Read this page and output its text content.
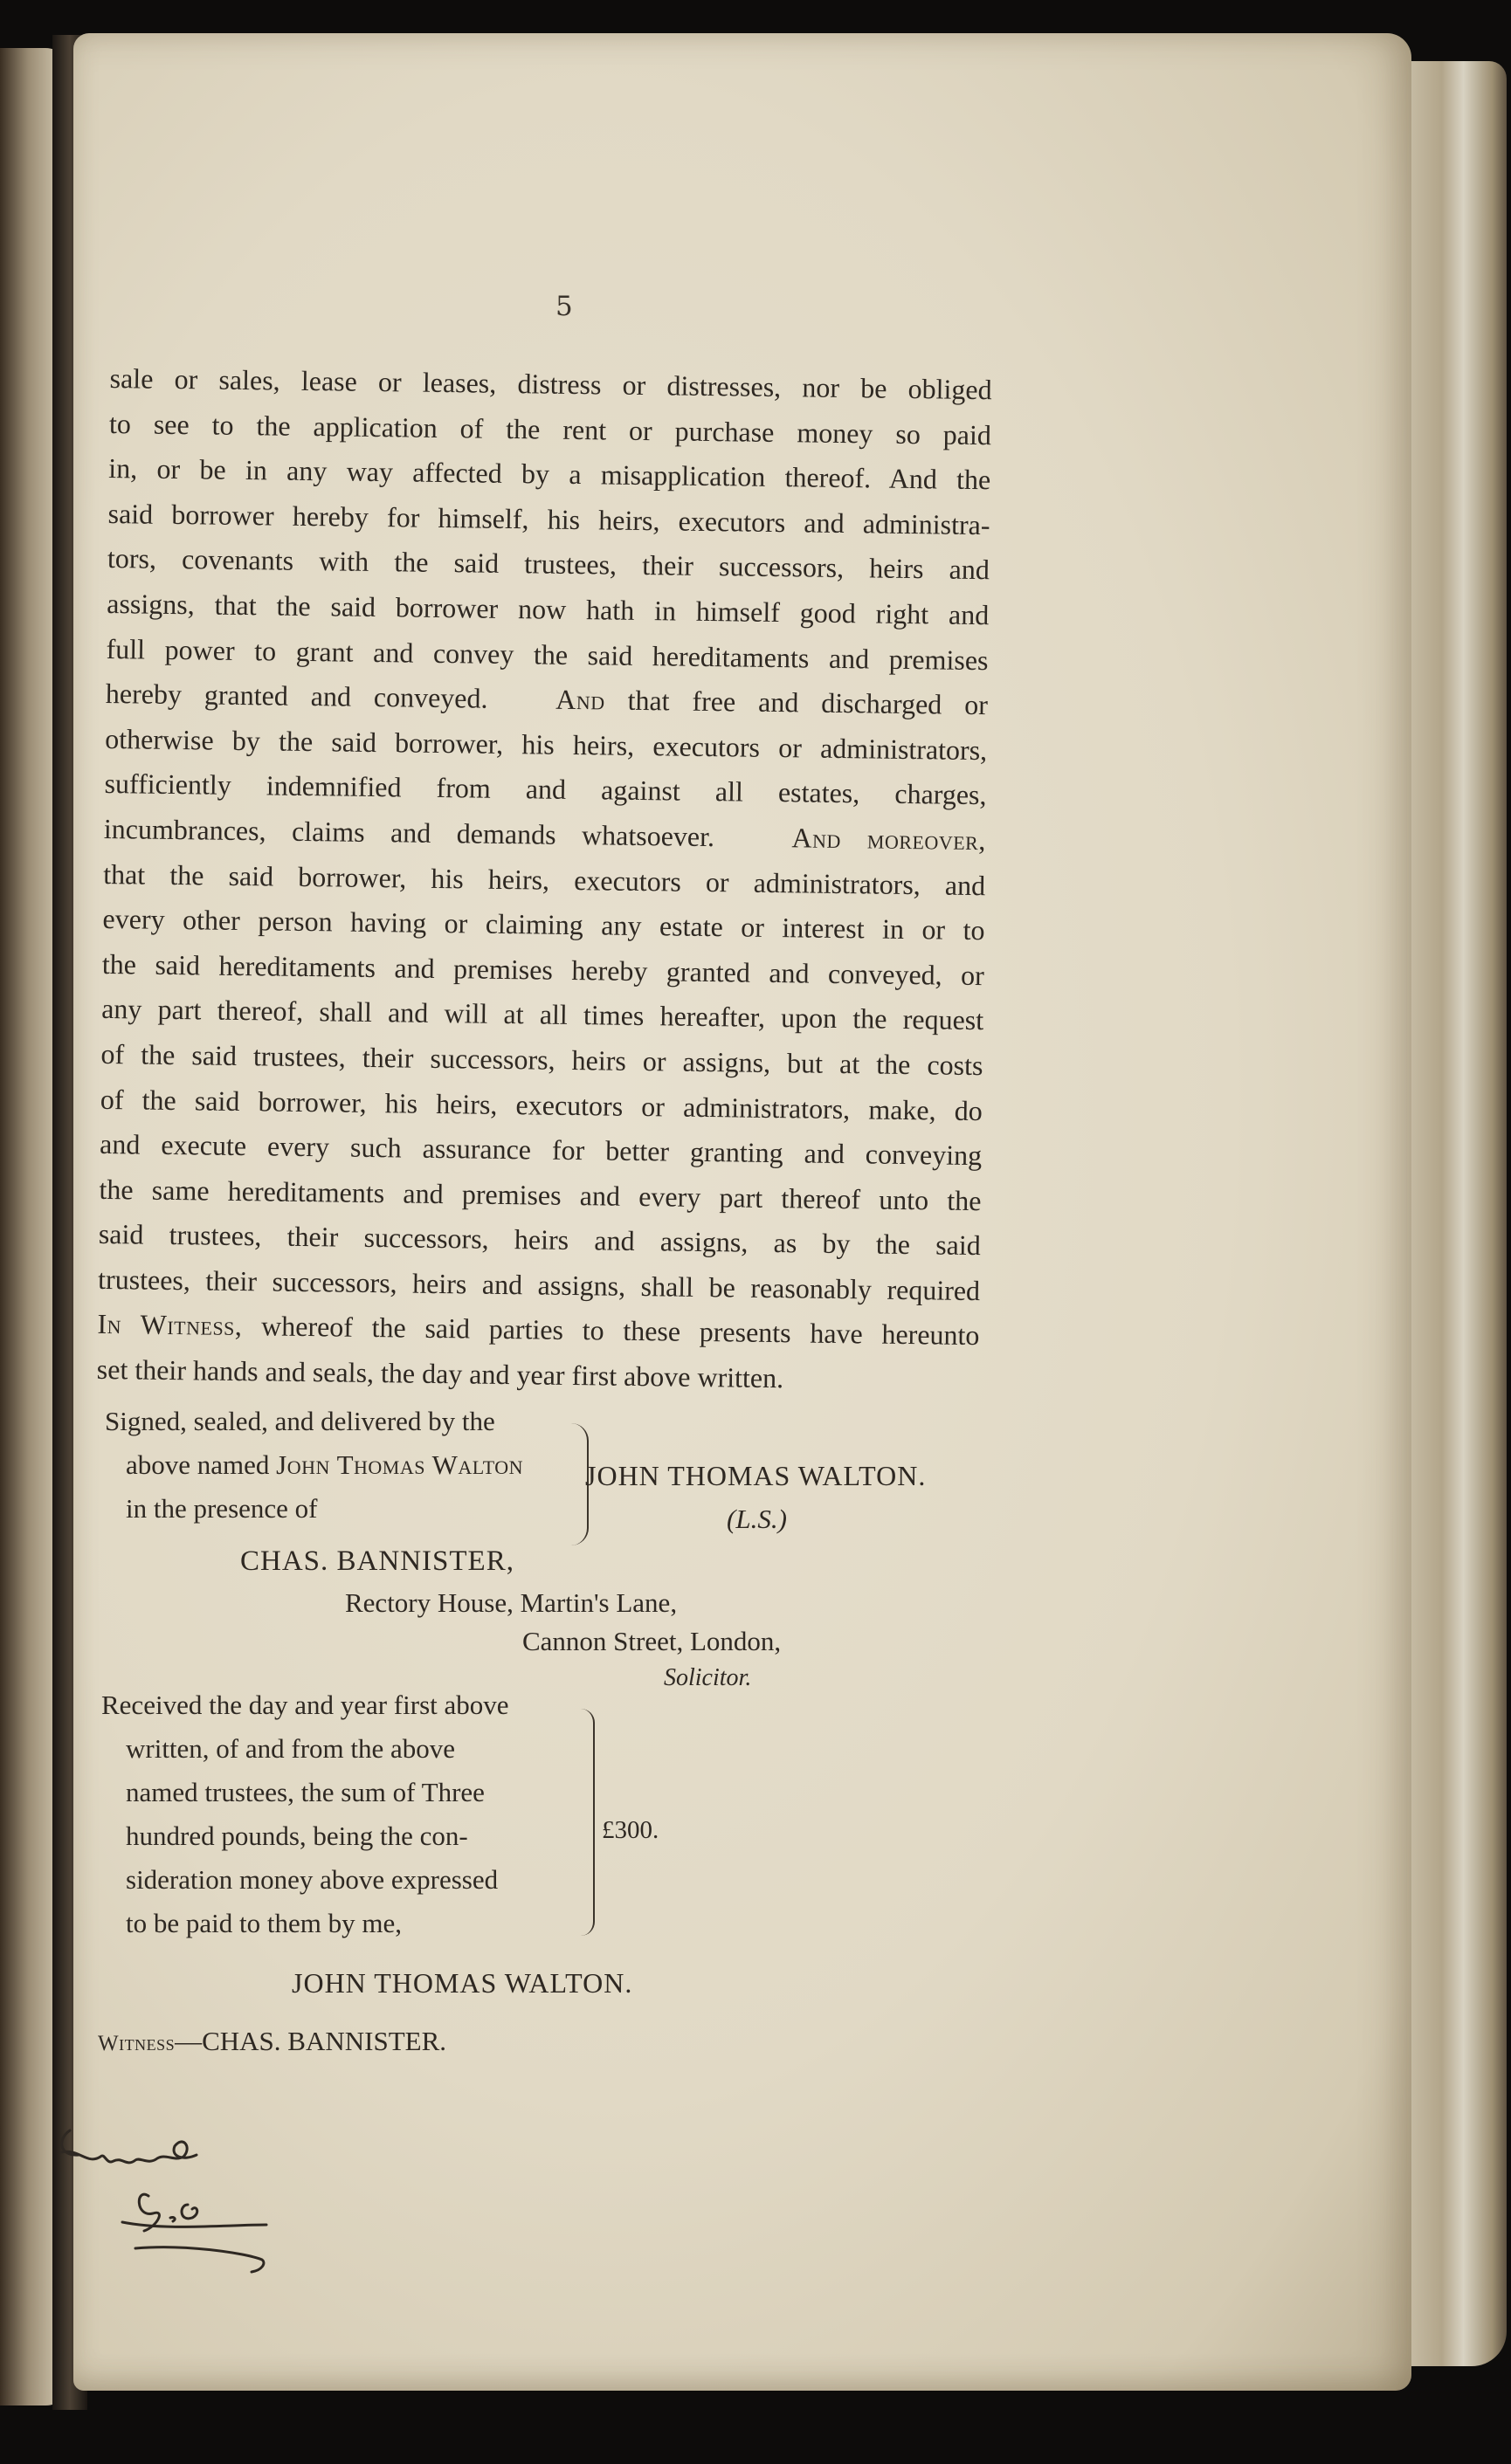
5
sale or sales, lease or leases, distress or distresses, nor be obliged
to see to the application of the rent or purchase money so paid
in, or be in any way affected by a misapplication thereof. And the
said borrower hereby for himself, his heirs, executors and administra-
tors, covenants with the said trustees, their successors, heirs and
assigns, that the said borrower now hath in himself good right and
full power to grant and convey the said hereditaments and premises
hereby granted and conveyed. And that free and discharged or
otherwise by the said borrower, his heirs, executors or administrators,
sufficiently indemnified from and against all estates, charges,
incumbrances, claims and demands whatsoever.	And moreover,
that the said borrower, his heirs, executors or administrators, and
every other person having or claiming any estate or interest in or to
the said hereditaments and premises hereby granted and conveyed, or
any part thereof, shall and will at all times hereafter, upon the request
of the said trustees, their successors, heirs or assigns, but at the costs
of the said borrower, his heirs, executors or administrators, make, do
and execute every such assurance for better granting and conveying
the same hereditaments and premises and every part thereof unto the
said trustees, their successors, heirs and assigns, as by the said
trustees, their successors, heirs and assigns, shall be reasonably required
In Witness, whereof the said parties to these presents have hereunto
set their hands and seals, the day and year first above written.
Signed, sealed, and delivered by the
above named John Thomas Walton
in the presence of
JOHN THOMAS WALTON.
(L.S.)
CHAS. BANNISTER,
Rectory House, Martin's Lane,
Cannon Street, London,
Solicitor.
Received the day and year first above
written, of and from the above
named trustees, the sum of Three
hundred pounds, being the con-
sideration money above expressed
to be paid to them by me,
£300.
JOHN THOMAS WALTON.
Witness—CHAS. BANNISTER.
